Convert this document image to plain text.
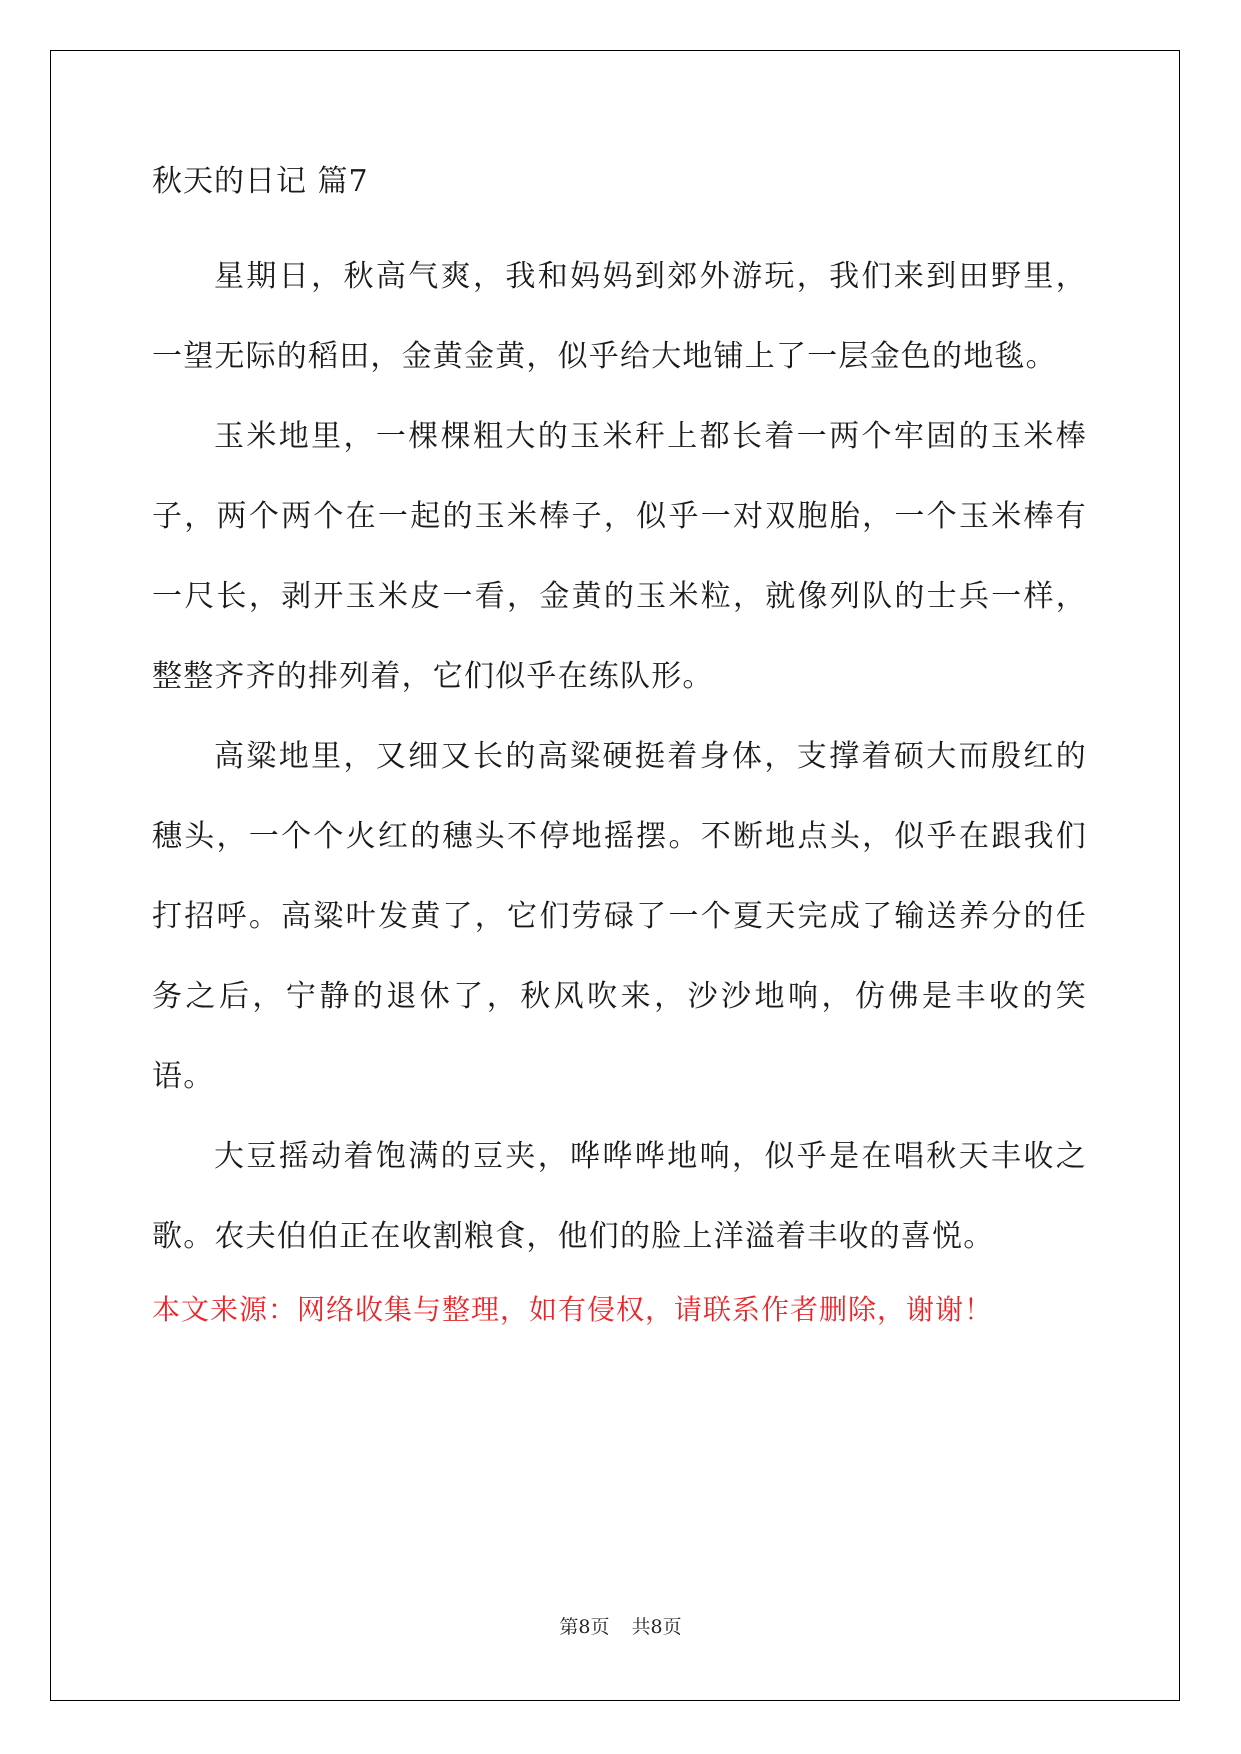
秋天的日记 篇7

星期日，秋高气爽，我和妈妈到郊外游玩，我们来到田野里，一望无际的稻田，金黄金黄，似乎给大地铺上了一层金色的地毯。

玉米地里，一棵棵粗大的玉米秆上都长着一两个牢固的玉米棒子，两个两个在一起的玉米棒子，似乎一对双胞胎，一个玉米棒有一尺长，剥开玉米皮一看，金黄的玉米粒，就像列队的士兵一样，整整齐齐的排列着，它们似乎在练队形。

高粱地里，又细又长的高粱硬挺着身体，支撑着硕大而殷红的穗头，一个个火红的穗头不停地摇摆。不断地点头，似乎在跟我们打招呼。高粱叶发黄了，它们劳碌了一个夏天完成了输送养分的任务之后，宁静的退休了，秋风吹来，沙沙地响，仿佛是丰收的笑语。

大豆摇动着饱满的豆夹，哗哗哗地响，似乎是在唱秋天丰收之歌。农夫伯伯正在收割粮食，他们的脸上洋溢着丰收的喜悦。

本文来源：网络收集与整理，如有侵权，请联系作者删除，谢谢！
第8页 共8页
